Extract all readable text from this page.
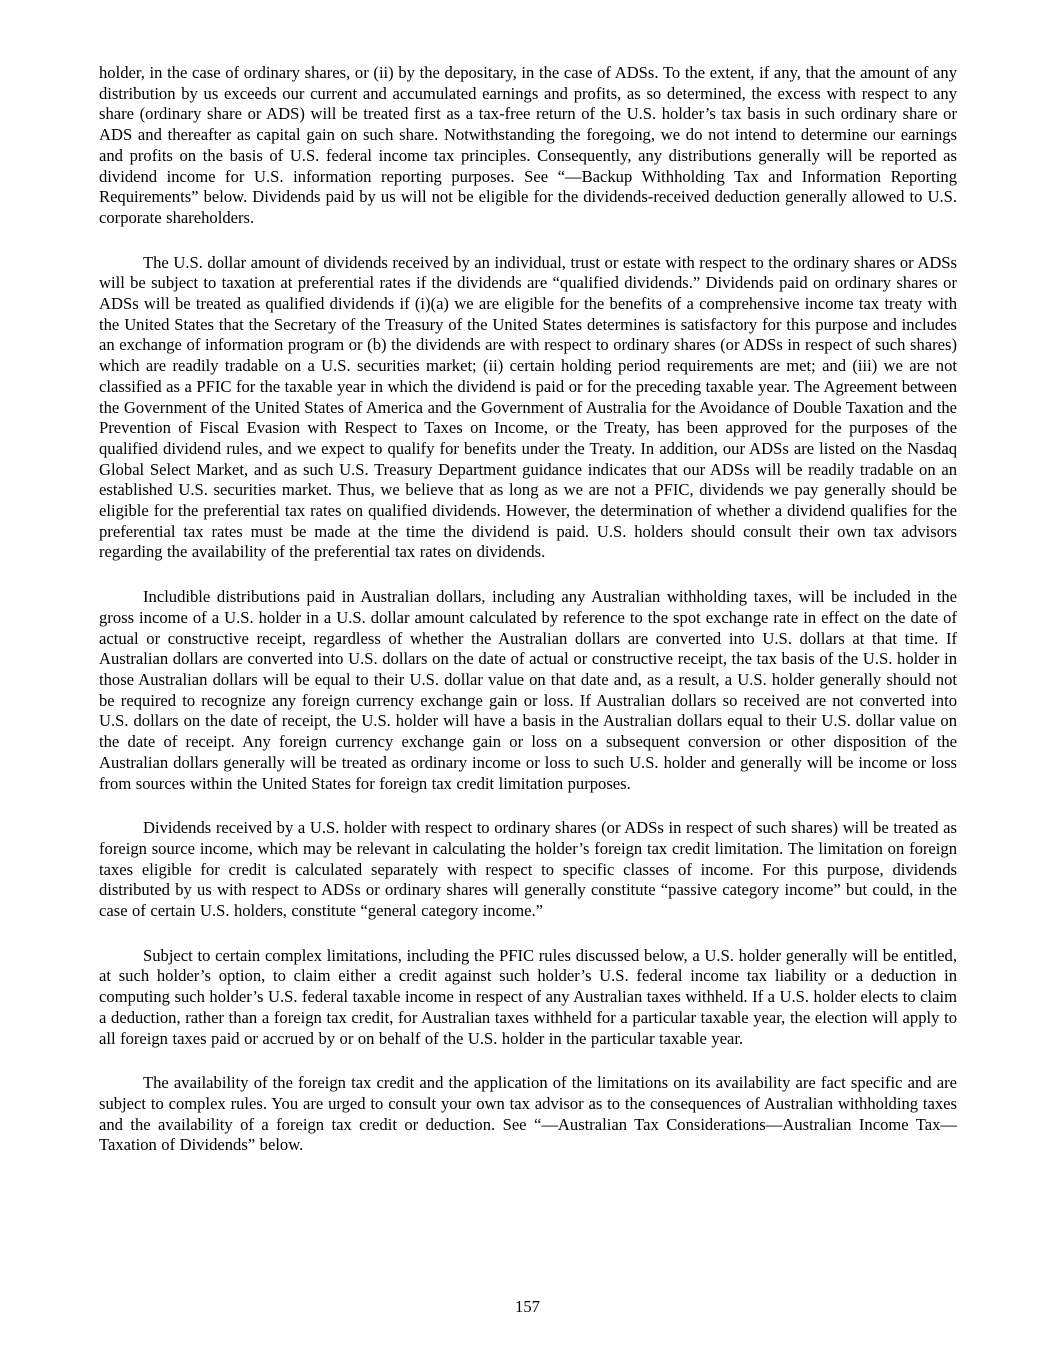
holder, in the case of ordinary shares, or (ii) by the depositary, in the case of ADSs. To the extent, if any, that the amount of any distribution by us exceeds our current and accumulated earnings and profits, as so determined, the excess with respect to any share (ordinary share or ADS) will be treated first as a tax-free return of the U.S. holder’s tax basis in such ordinary share or ADS and thereafter as capital gain on such share. Notwithstanding the foregoing, we do not intend to determine our earnings and profits on the basis of U.S. federal income tax principles. Consequently, any distributions generally will be reported as dividend income for U.S. information reporting purposes. See “—Backup Withholding Tax and Information Reporting Requirements” below. Dividends paid by us will not be eligible for the dividends-received deduction generally allowed to U.S. corporate shareholders.

The U.S. dollar amount of dividends received by an individual, trust or estate with respect to the ordinary shares or ADSs will be subject to taxation at preferential rates if the dividends are “qualified dividends.” Dividends paid on ordinary shares or ADSs will be treated as qualified dividends if (i)(a) we are eligible for the benefits of a comprehensive income tax treaty with the United States that the Secretary of the Treasury of the United States determines is satisfactory for this purpose and includes an exchange of information program or (b) the dividends are with respect to ordinary shares (or ADSs in respect of such shares) which are readily tradable on a U.S. securities market; (ii) certain holding period requirements are met; and (iii) we are not classified as a PFIC for the taxable year in which the dividend is paid or for the preceding taxable year. The Agreement between the Government of the United States of America and the Government of Australia for the Avoidance of Double Taxation and the Prevention of Fiscal Evasion with Respect to Taxes on Income, or the Treaty, has been approved for the purposes of the qualified dividend rules, and we expect to qualify for benefits under the Treaty. In addition, our ADSs are listed on the Nasdaq Global Select Market, and as such U.S. Treasury Department guidance indicates that our ADSs will be readily tradable on an established U.S. securities market. Thus, we believe that as long as we are not a PFIC, dividends we pay generally should be eligible for the preferential tax rates on qualified dividends. However, the determination of whether a dividend qualifies for the preferential tax rates must be made at the time the dividend is paid. U.S. holders should consult their own tax advisors regarding the availability of the preferential tax rates on dividends.

Includible distributions paid in Australian dollars, including any Australian withholding taxes, will be included in the gross income of a U.S. holder in a U.S. dollar amount calculated by reference to the spot exchange rate in effect on the date of actual or constructive receipt, regardless of whether the Australian dollars are converted into U.S. dollars at that time. If Australian dollars are converted into U.S. dollars on the date of actual or constructive receipt, the tax basis of the U.S. holder in those Australian dollars will be equal to their U.S. dollar value on that date and, as a result, a U.S. holder generally should not be required to recognize any foreign currency exchange gain or loss. If Australian dollars so received are not converted into U.S. dollars on the date of receipt, the U.S. holder will have a basis in the Australian dollars equal to their U.S. dollar value on the date of receipt. Any foreign currency exchange gain or loss on a subsequent conversion or other disposition of the Australian dollars generally will be treated as ordinary income or loss to such U.S. holder and generally will be income or loss from sources within the United States for foreign tax credit limitation purposes.

Dividends received by a U.S. holder with respect to ordinary shares (or ADSs in respect of such shares) will be treated as foreign source income, which may be relevant in calculating the holder’s foreign tax credit limitation. The limitation on foreign taxes eligible for credit is calculated separately with respect to specific classes of income. For this purpose, dividends distributed by us with respect to ADSs or ordinary shares will generally constitute “passive category income” but could, in the case of certain U.S. holders, constitute “general category income.”

Subject to certain complex limitations, including the PFIC rules discussed below, a U.S. holder generally will be entitled, at such holder’s option, to claim either a credit against such holder’s U.S. federal income tax liability or a deduction in computing such holder’s U.S. federal taxable income in respect of any Australian taxes withheld. If a U.S. holder elects to claim a deduction, rather than a foreign tax credit, for Australian taxes withheld for a particular taxable year, the election will apply to all foreign taxes paid or accrued by or on behalf of the U.S. holder in the particular taxable year.

The availability of the foreign tax credit and the application of the limitations on its availability are fact specific and are subject to complex rules. You are urged to consult your own tax advisor as to the consequences of Australian withholding taxes and the availability of a foreign tax credit or deduction. See “—Australian Tax Considerations—Australian Income Tax—Taxation of Dividends” below.

157
